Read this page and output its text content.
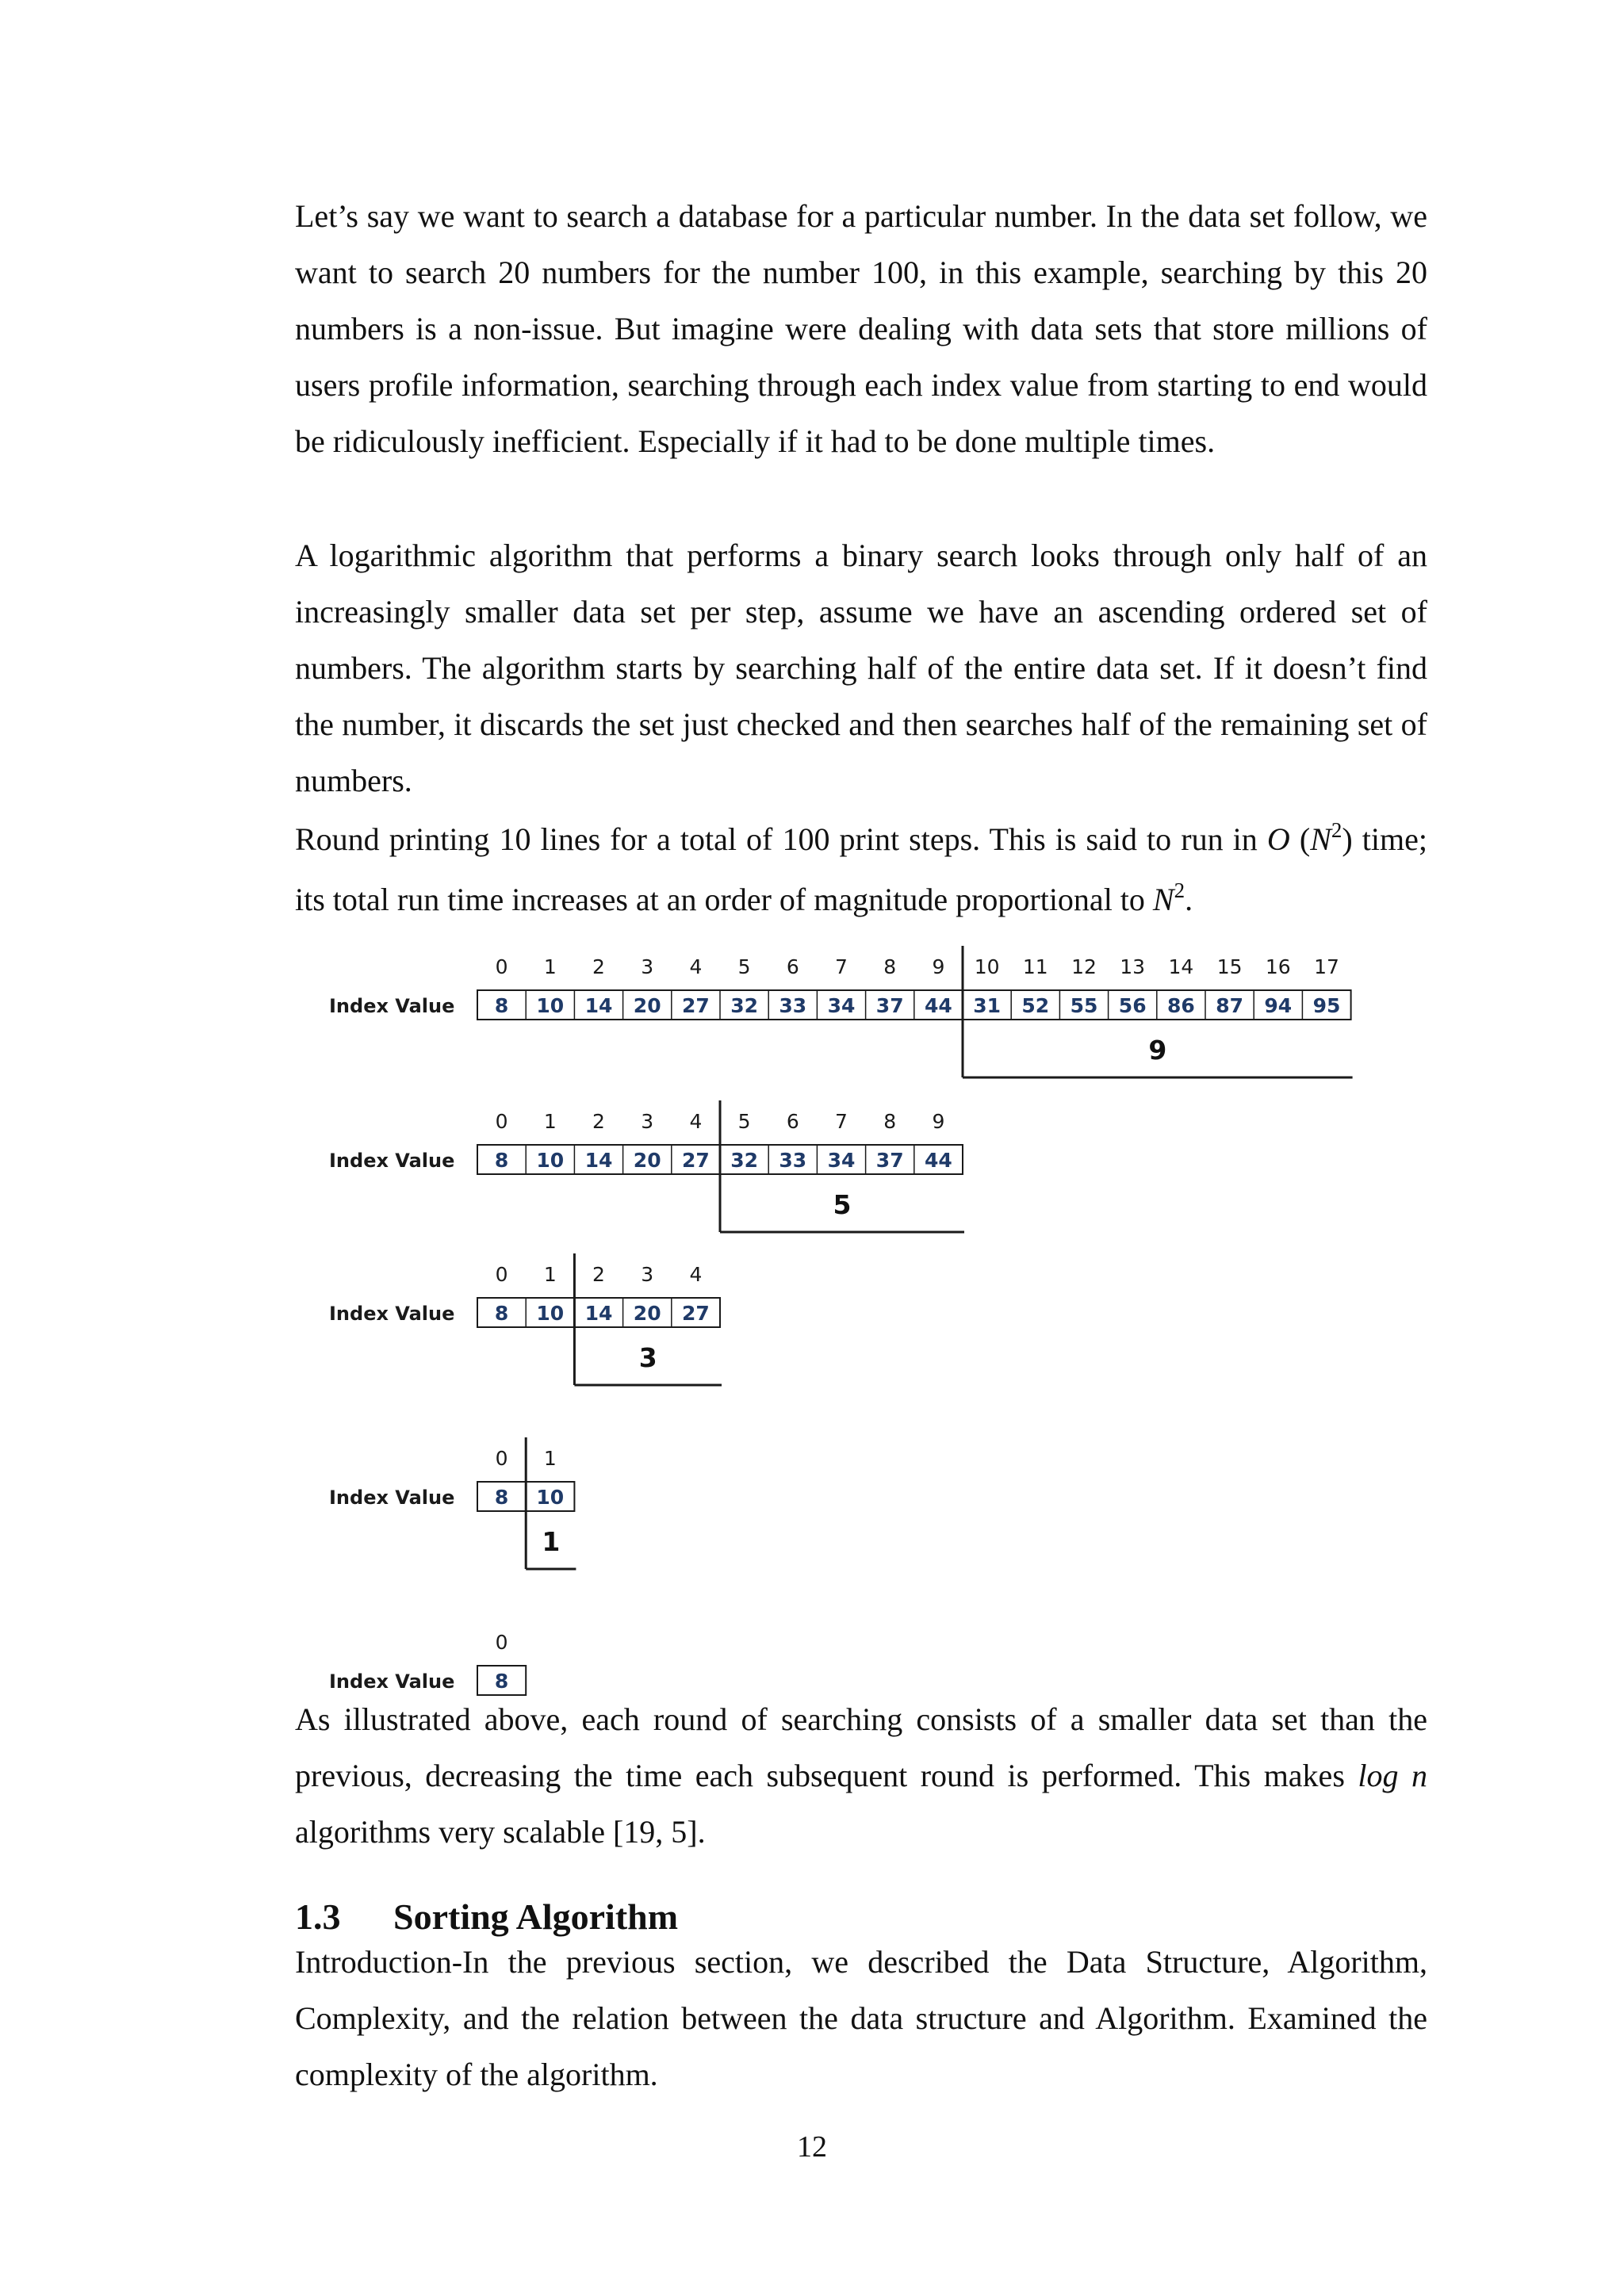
Let’s say we want to search a database for a particular number. In the data set follow, we want to search 20 numbers for the number 100, in this example, searching by this 20 numbers is a non-issue. But imagine were dealing with data sets that store millions of users profile information, searching through each index value from starting to end would be ridiculously inefficient. Especially if it had to be done multiple times.

A logarithmic algorithm that performs a binary search looks through only half of an increasingly smaller data set per step, assume we have an ascending ordered set of numbers. The algorithm starts by searching half of the entire data set. If it doesn’t find the number, it discards the set just checked and then searches half of the remaining set of numbers.

Round printing 10 lines for a total of 100 print steps. This is said to run in O $(N^2)$ time; its total run time increases at an order of magnitude proportional to $N^2$.

Index Value
0
8
1
10
2
14
3
20
4
27
5
32
6
33
7
34
8
37
9
44
10
31
11
52
12
55
13
56
14
86
15
87
16
94
17
95
9
Index Value
0
8
1
10
2
14
3
20
4
27
5
32
6
33
7
34
8
37
9
44
5
Index Value
0
8
1
10
2
14
3
20
4
27
3
Index Value
0
8
1
10
1
Index Value
0
8

As illustrated above, each round of searching consists of a smaller data set than the previous, decreasing the time each subsequent round is performed. This makes log n algorithms very scalable [19, 5].

1.3 Sorting Algorithm

Introduction-In the previous section, we described the Data Structure, Algorithm, Complexity, and the relation between the data structure and Algorithm. Examined the complexity of the algorithm.

12
